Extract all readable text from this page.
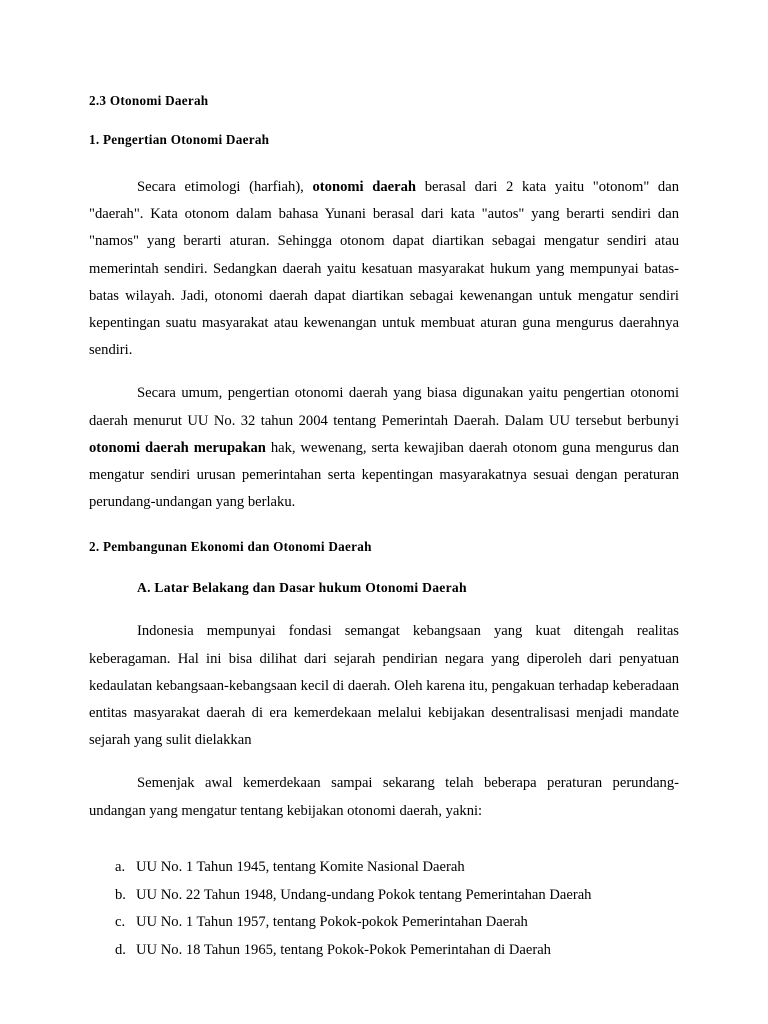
2.3 Otonomi Daerah
1. Pengertian Otonomi Daerah

Secara etimologi (harfiah), otonomi daerah berasal dari 2 kata yaitu "otonom" dan "daerah". Kata otonom dalam bahasa Yunani berasal dari kata "autos" yang berarti sendiri dan "namos" yang berarti aturan. Sehingga otonom dapat diartikan sebagai mengatur sendiri atau memerintah sendiri. Sedangkan daerah yaitu kesatuan masyarakat hukum yang mempunyai batas-batas wilayah. Jadi, otonomi daerah dapat diartikan sebagai kewenangan untuk mengatur sendiri kepentingan suatu masyarakat atau kewenangan untuk membuat aturan guna mengurus daerahnya sendiri.

Secara umum, pengertian otonomi daerah yang biasa digunakan yaitu pengertian otonomi daerah menurut UU No. 32 tahun 2004 tentang Pemerintah Daerah. Dalam UU tersebut berbunyi otonomi daerah merupakan hak, wewenang, serta kewajiban daerah otonom guna mengurus dan mengatur sendiri urusan pemerintahan serta kepentingan masyarakatnya sesuai dengan peraturan perundang-undangan yang berlaku.

2. Pembangunan Ekonomi dan Otonomi Daerah
A. Latar Belakang dan Dasar hukum Otonomi Daerah

Indonesia mempunyai fondasi semangat kebangsaan yang kuat ditengah realitas keberagaman. Hal ini bisa dilihat dari sejarah pendirian negara yang diperoleh dari penyatuan kedaulatan kebangsaan-kebangsaan kecil di daerah. Oleh karena itu, pengakuan terhadap keberadaan entitas masyarakat daerah di era kemerdekaan melalui kebijakan desentralisasi menjadi mandate sejarah yang sulit dielakkan

Semenjak awal kemerdekaan sampai sekarang telah beberapa peraturan perundang-undangan yang mengatur tentang kebijakan otonomi daerah, yakni:

a. UU No. 1 Tahun 1945, tentang Komite Nasional Daerah
b. UU No. 22 Tahun 1948, Undang-undang Pokok tentang Pemerintahan Daerah
c. UU No. 1 Tahun 1957, tentang Pokok-pokok Pemerintahan Daerah
d. UU No. 18 Tahun 1965, tentang Pokok-Pokok Pemerintahan di Daerah
